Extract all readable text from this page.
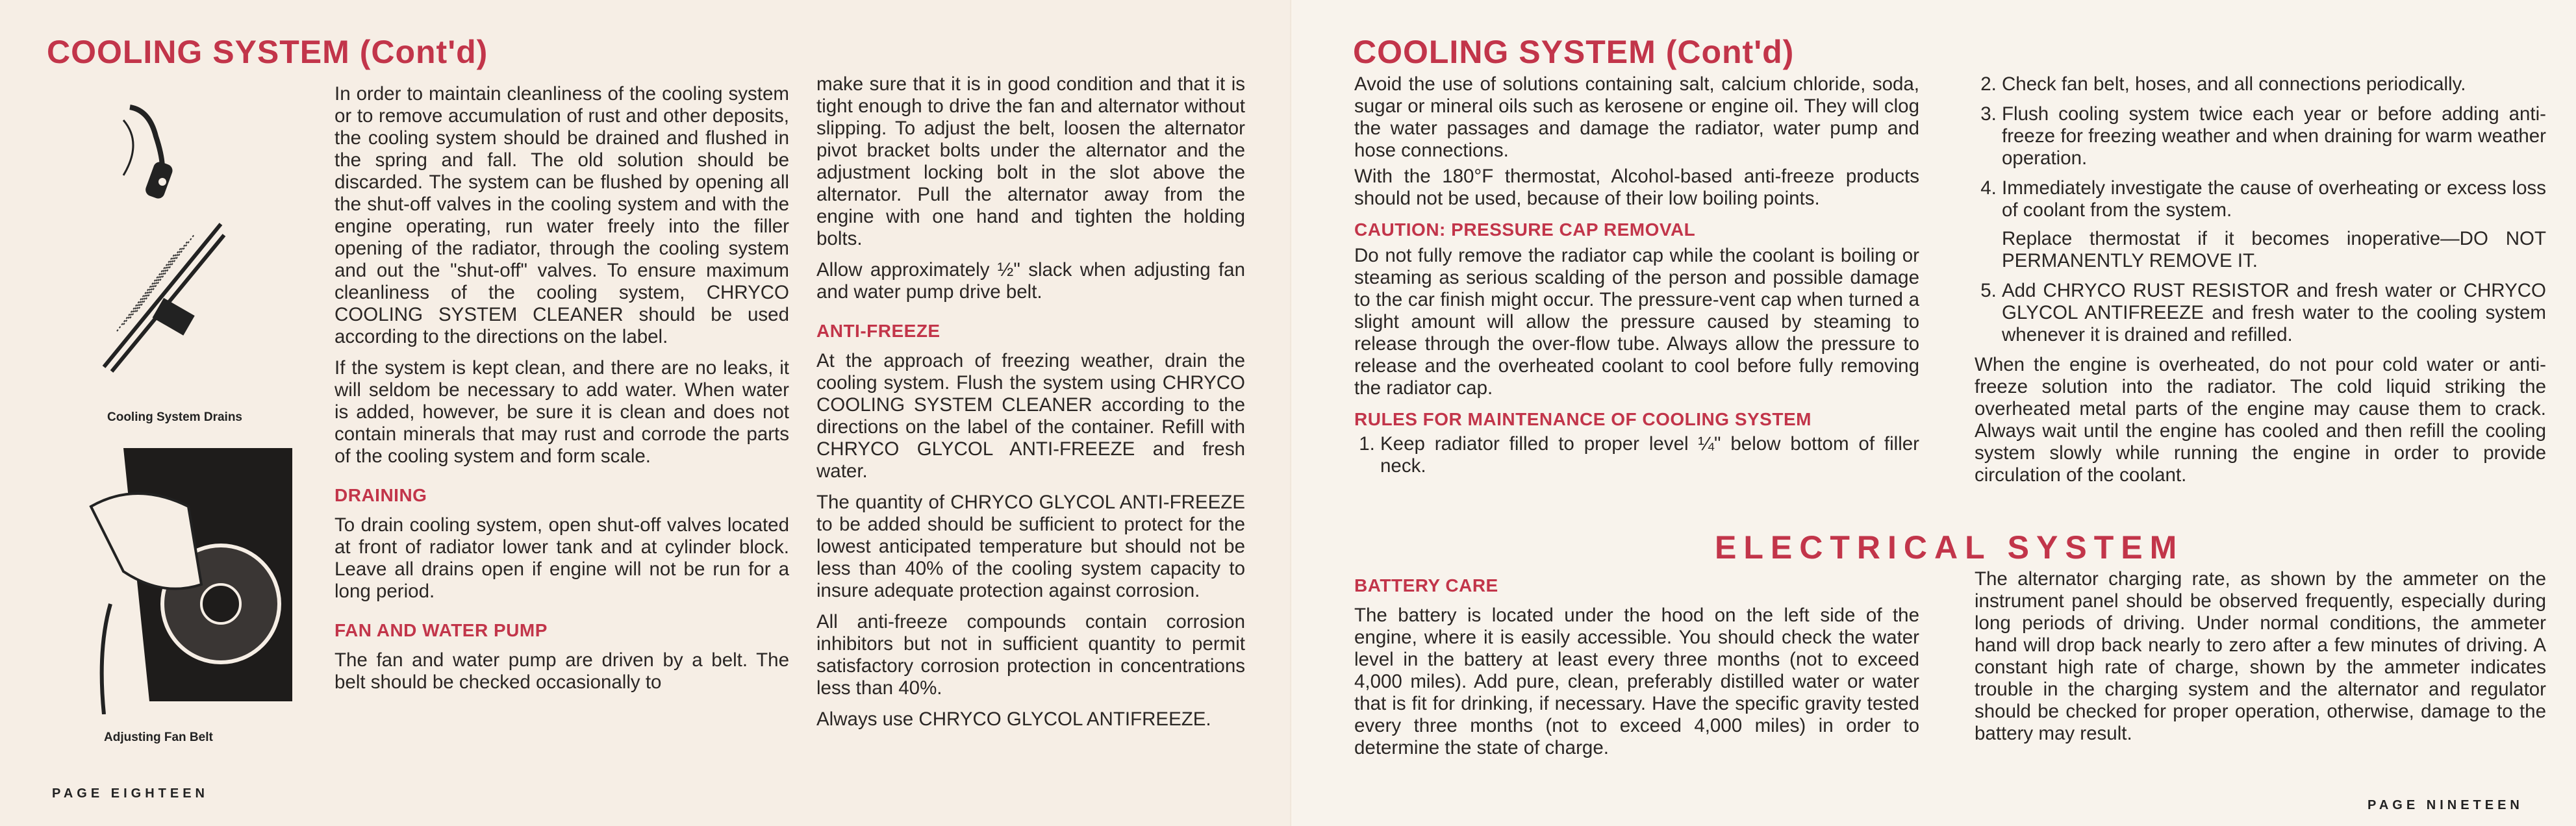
COOLING SYSTEM (Cont'd)
Cooling System Drains
Adjusting Fan Belt
PAGE EIGHTEEN

In order to maintain cleanliness of the cooling system or to remove accumulation of rust and other deposits, the cooling system should be drained and flushed in the spring and fall. The old solution should be discarded. The system can be flushed by opening all the shut-off valves in the cooling system and with the engine operating, run water freely into the filler opening of the radiator, through the cooling system and out the "shut-off" valves. To ensure maximum cleanliness of the cooling system, CHRYCO COOLING SYSTEM CLEANER should be used according to the directions on the label.

If the system is kept clean, and there are no leaks, it will seldom be necessary to add water. When water is added, however, be sure it is clean and does not contain minerals that may rust and corrode the parts of the cooling system and form scale.

DRAINING

To drain cooling system, open shut-off valves located at front of radiator lower tank and at cylinder block. Leave all drains open if engine will not be run for a long period.

FAN AND WATER PUMP

The fan and water pump are driven by a belt. The belt should be checked occasionally to

make sure that it is in good condition and that it is tight enough to drive the fan and alternator without slipping. To adjust the belt, loosen the alternator pivot bracket bolts under the alternator and the adjustment locking bolt in the slot above the alternator. Pull the alternator away from the engine with one hand and tighten the holding bolts.

Allow approximately ½" slack when adjusting fan and water pump drive belt.

ANTI-FREEZE

At the approach of freezing weather, drain the cooling system. Flush the system using CHRYCO COOLING SYSTEM CLEANER according to the directions on the label of the container. Refill with CHRYCO GLYCOL ANTI-FREEZE and fresh water.

The quantity of CHRYCO GLYCOL ANTI-FREEZE to be added should be sufficient to protect for the lowest anticipated temperature but should not be less than 40% of the cooling system capacity to insure adequate protection against corrosion.

All anti-freeze compounds contain corrosion inhibitors but not in sufficient quantity to permit satisfactory corrosion protection in concentrations less than 40%.

Always use CHRYCO GLYCOL ANTIFREEZE.

COOLING SYSTEM (Cont'd)

Avoid the use of solutions containing salt, calcium chloride, soda, sugar or mineral oils such as kerosene or engine oil. They will clog the water passages and damage the radiator, water pump and hose connections.

With the 180°F thermostat, Alcohol-based anti-freeze products should not be used, because of their low boiling points.

CAUTION: PRESSURE CAP REMOVAL

Do not fully remove the radiator cap while the coolant is boiling or steaming as serious scalding of the person and possible damage to the car finish might occur. The pressure-vent cap when turned a slight amount will allow the pressure caused by steaming to release through the over-flow tube. Always allow the pressure to release and the overheated coolant to cool before fully removing the radiator cap.

RULES FOR MAINTENANCE OF COOLING SYSTEM
1. Keep radiator filled to proper level ¼" below bottom of filler neck.
2. Check fan belt, hoses, and all connections periodically.
3. Flush cooling system twice each year or before adding anti-freeze for freezing weather and when draining for warm weather operation.
4. Immediately investigate the cause of overheating or excess loss of coolant from the system.
Replace thermostat if it becomes inoperative—DO NOT PERMANENTLY REMOVE IT.
5. Add CHRYCO RUST RESISTOR and fresh water or CHRYCO GLYCOL ANTIFREEZE and fresh water to the cooling system whenever it is drained and refilled.

When the engine is overheated, do not pour cold water or anti-freeze solution into the radiator. The cold liquid striking the overheated metal parts of the engine may cause them to crack. Always wait until the engine has cooled and then refill the cooling system slowly while running the engine in order to provide circulation of the coolant.

ELECTRICAL SYSTEM
BATTERY CARE

The battery is located under the hood on the left side of the engine, where it is easily accessible. You should check the water level in the battery at least every three months (not to exceed 4,000 miles). Add pure, clean, preferably distilled water or water that is fit for drinking, if necessary. Have the specific gravity tested every three months (not to exceed 4,000 miles) in order to determine the state of charge.

The alternator charging rate, as shown by the ammeter on the instrument panel should be observed frequently, especially during long periods of driving. Under normal conditions, the ammeter hand will drop back nearly to zero after a few minutes of driving. A constant high rate of charge, shown by the ammeter indicates trouble in the charging system and the alternator and regulator should be checked for proper operation, otherwise, damage to the battery may result.

PAGE NINETEEN
